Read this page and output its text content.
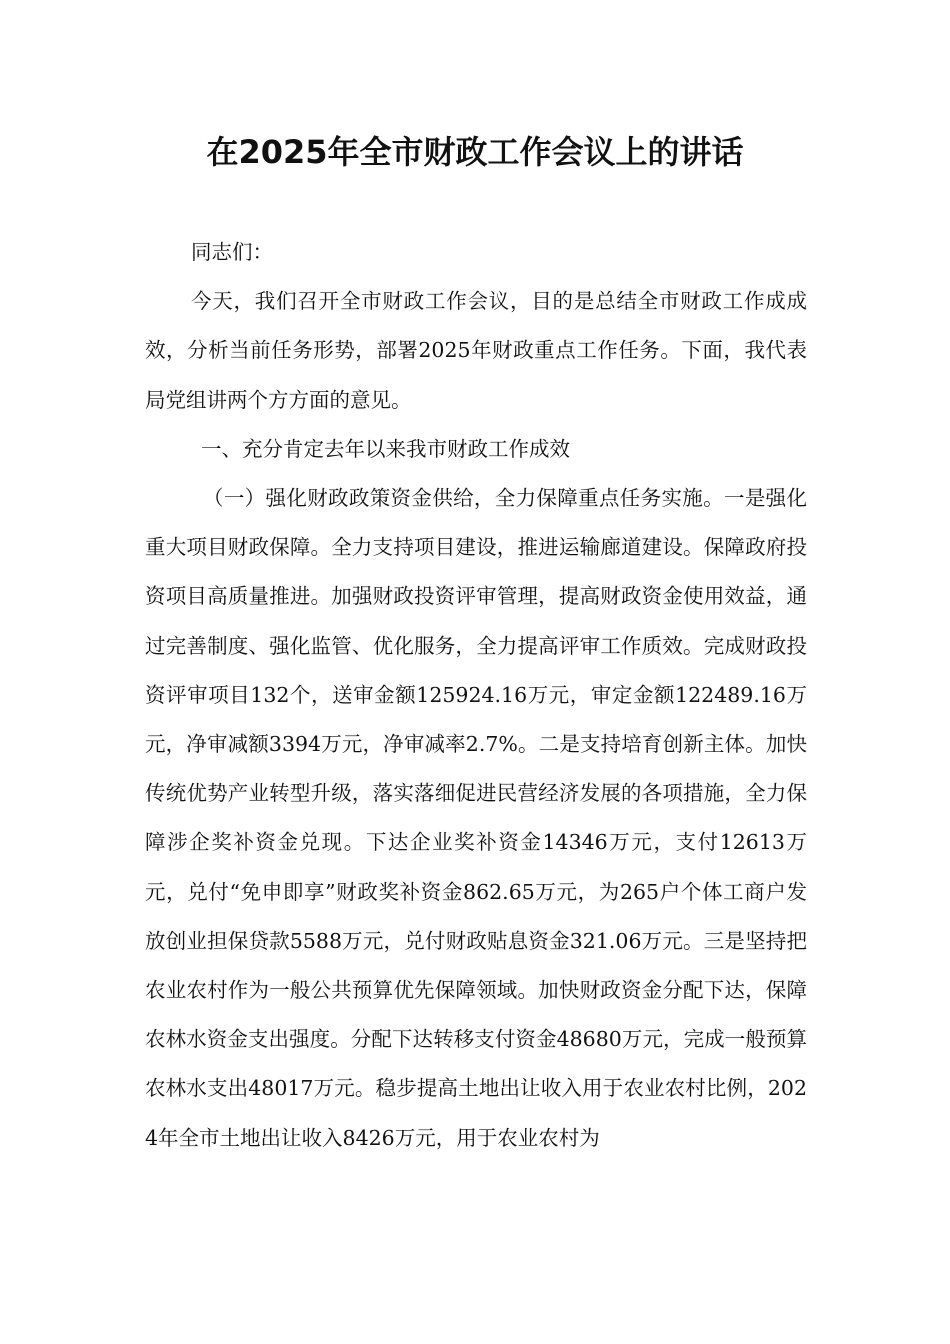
在2025年全市财政工作会议上的讲话

同志们：

今天，我们召开全市财政工作会议，目的是总结全市财政工作成成效，分析当前任务形势，部署2025年财政重点工作任务。下面，我代表局党组讲两个方方面的意见。

一、充分肯定去年以来我市财政工作成效

（一）强化财政政策资金供给，全力保障重点任务实施。一是强化重大项目财政保障。全力支持项目建设，推进运输廊道建设。保障政府投资项目高质量推进。加强财政投资评审管理，提高财政资金使用效益，通过完善制度、强化监管、优化服务，全力提高评审工作质效。完成财政投资评审项目132个，送审金额125924.16万元，审定金额122489.16万元，净审减额3394万元，净审减率2.7%。二是支持培育创新主体。加快传统优势产业转型升级，落实落细促进民营经济发展的各项措施，全力保障涉企奖补资金兑现。下达企业奖补资金14346万元，支付12613万元，兑付“免申即享”财政奖补资金862.65万元，为265户个体工商户发放创业担保贷款5588万元，兑付财政贴息资金321.06万元。三是坚持把农业农村作为一般公共预算优先保障领域。加快财政资金分配下达，保障农林水资金支出强度。分配下达转移支付资金48680万元，完成一般预算农林水支出48017万元。稳步提高土地出让收入用于农业农村比例，2024年全市土地出让收入8426万元，用于农业农村为
